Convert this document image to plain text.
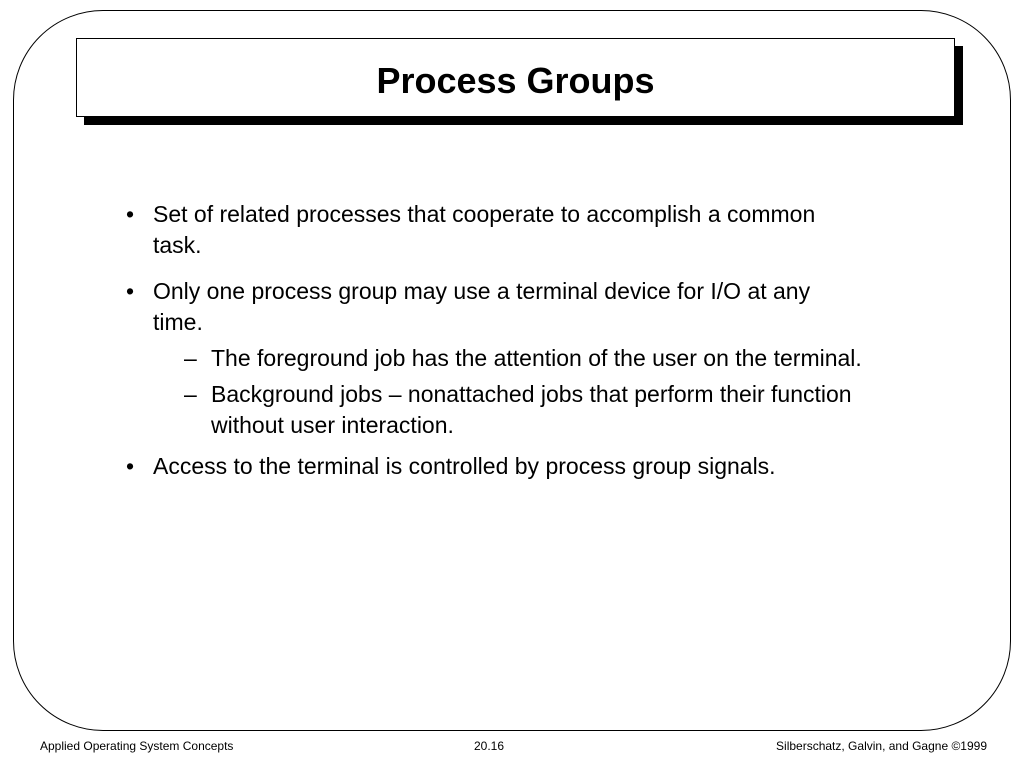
Process Groups
• Set of related processes that cooperate to accomplish a common task.
• Only one process group may use a terminal device for I/O at any time.
– The foreground job has the attention of the user on the terminal.
– Background jobs – nonattached jobs that perform their function without user interaction.
• Access to the terminal is controlled by process group signals.
Applied Operating System Concepts	20.16	Silberschatz, Galvin, and Gagne ©1999
